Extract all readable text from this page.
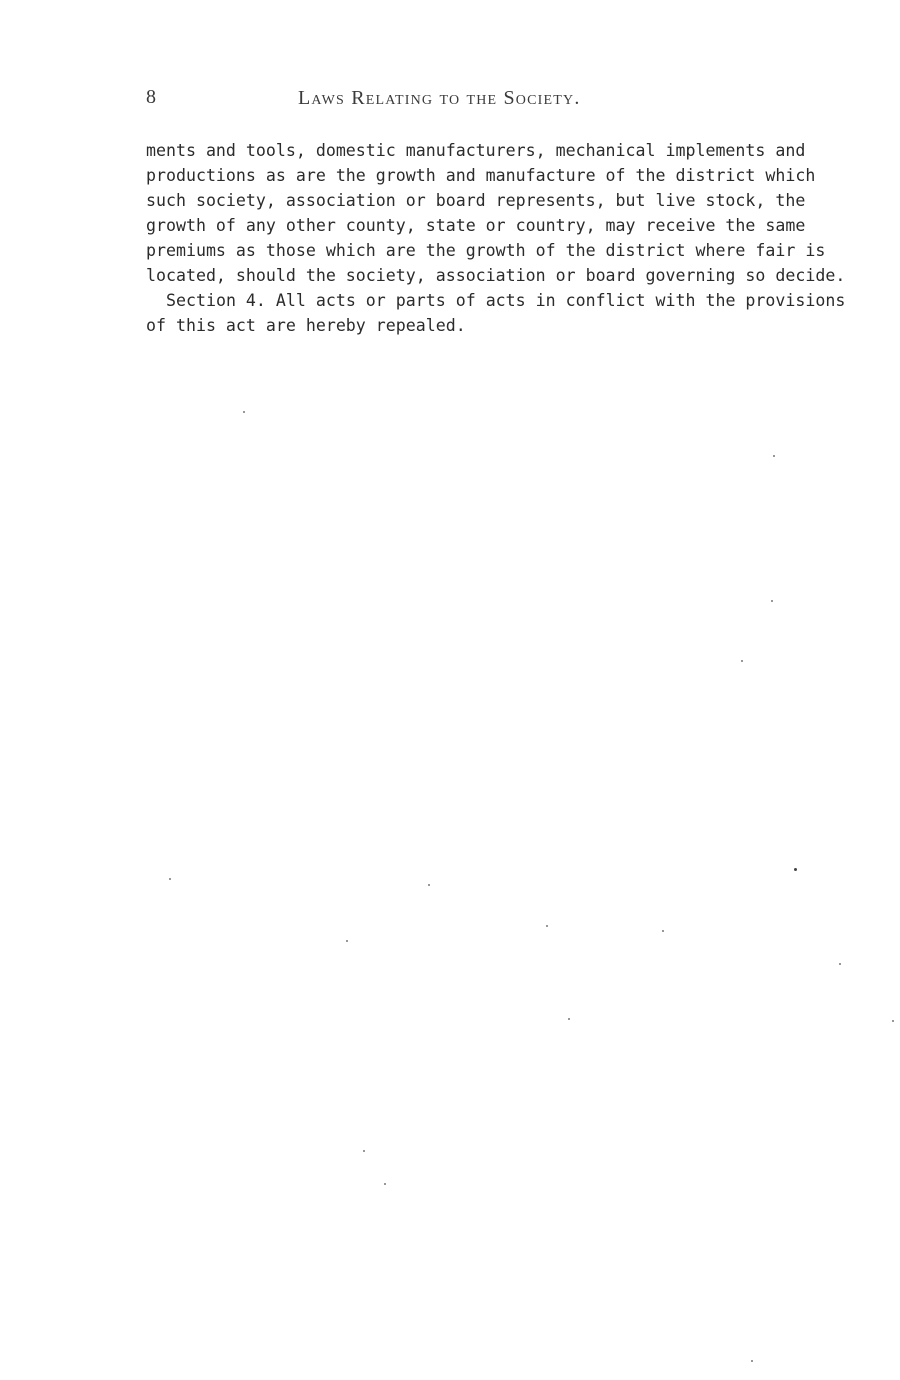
8	Laws Relating to the Society.
ments and tools, domestic manufacturers, mechanical implements and
productions as are the growth and manufacture of the district which
such society, association or board represents, but live stock, the
growth of any other county, state or country, may receive the same
premiums as those which are the growth of the district where fair is
located, should the society, association or board governing so decide.
Section 4. All acts or parts of acts in conflict with the provisions
of this act are hereby repealed.
